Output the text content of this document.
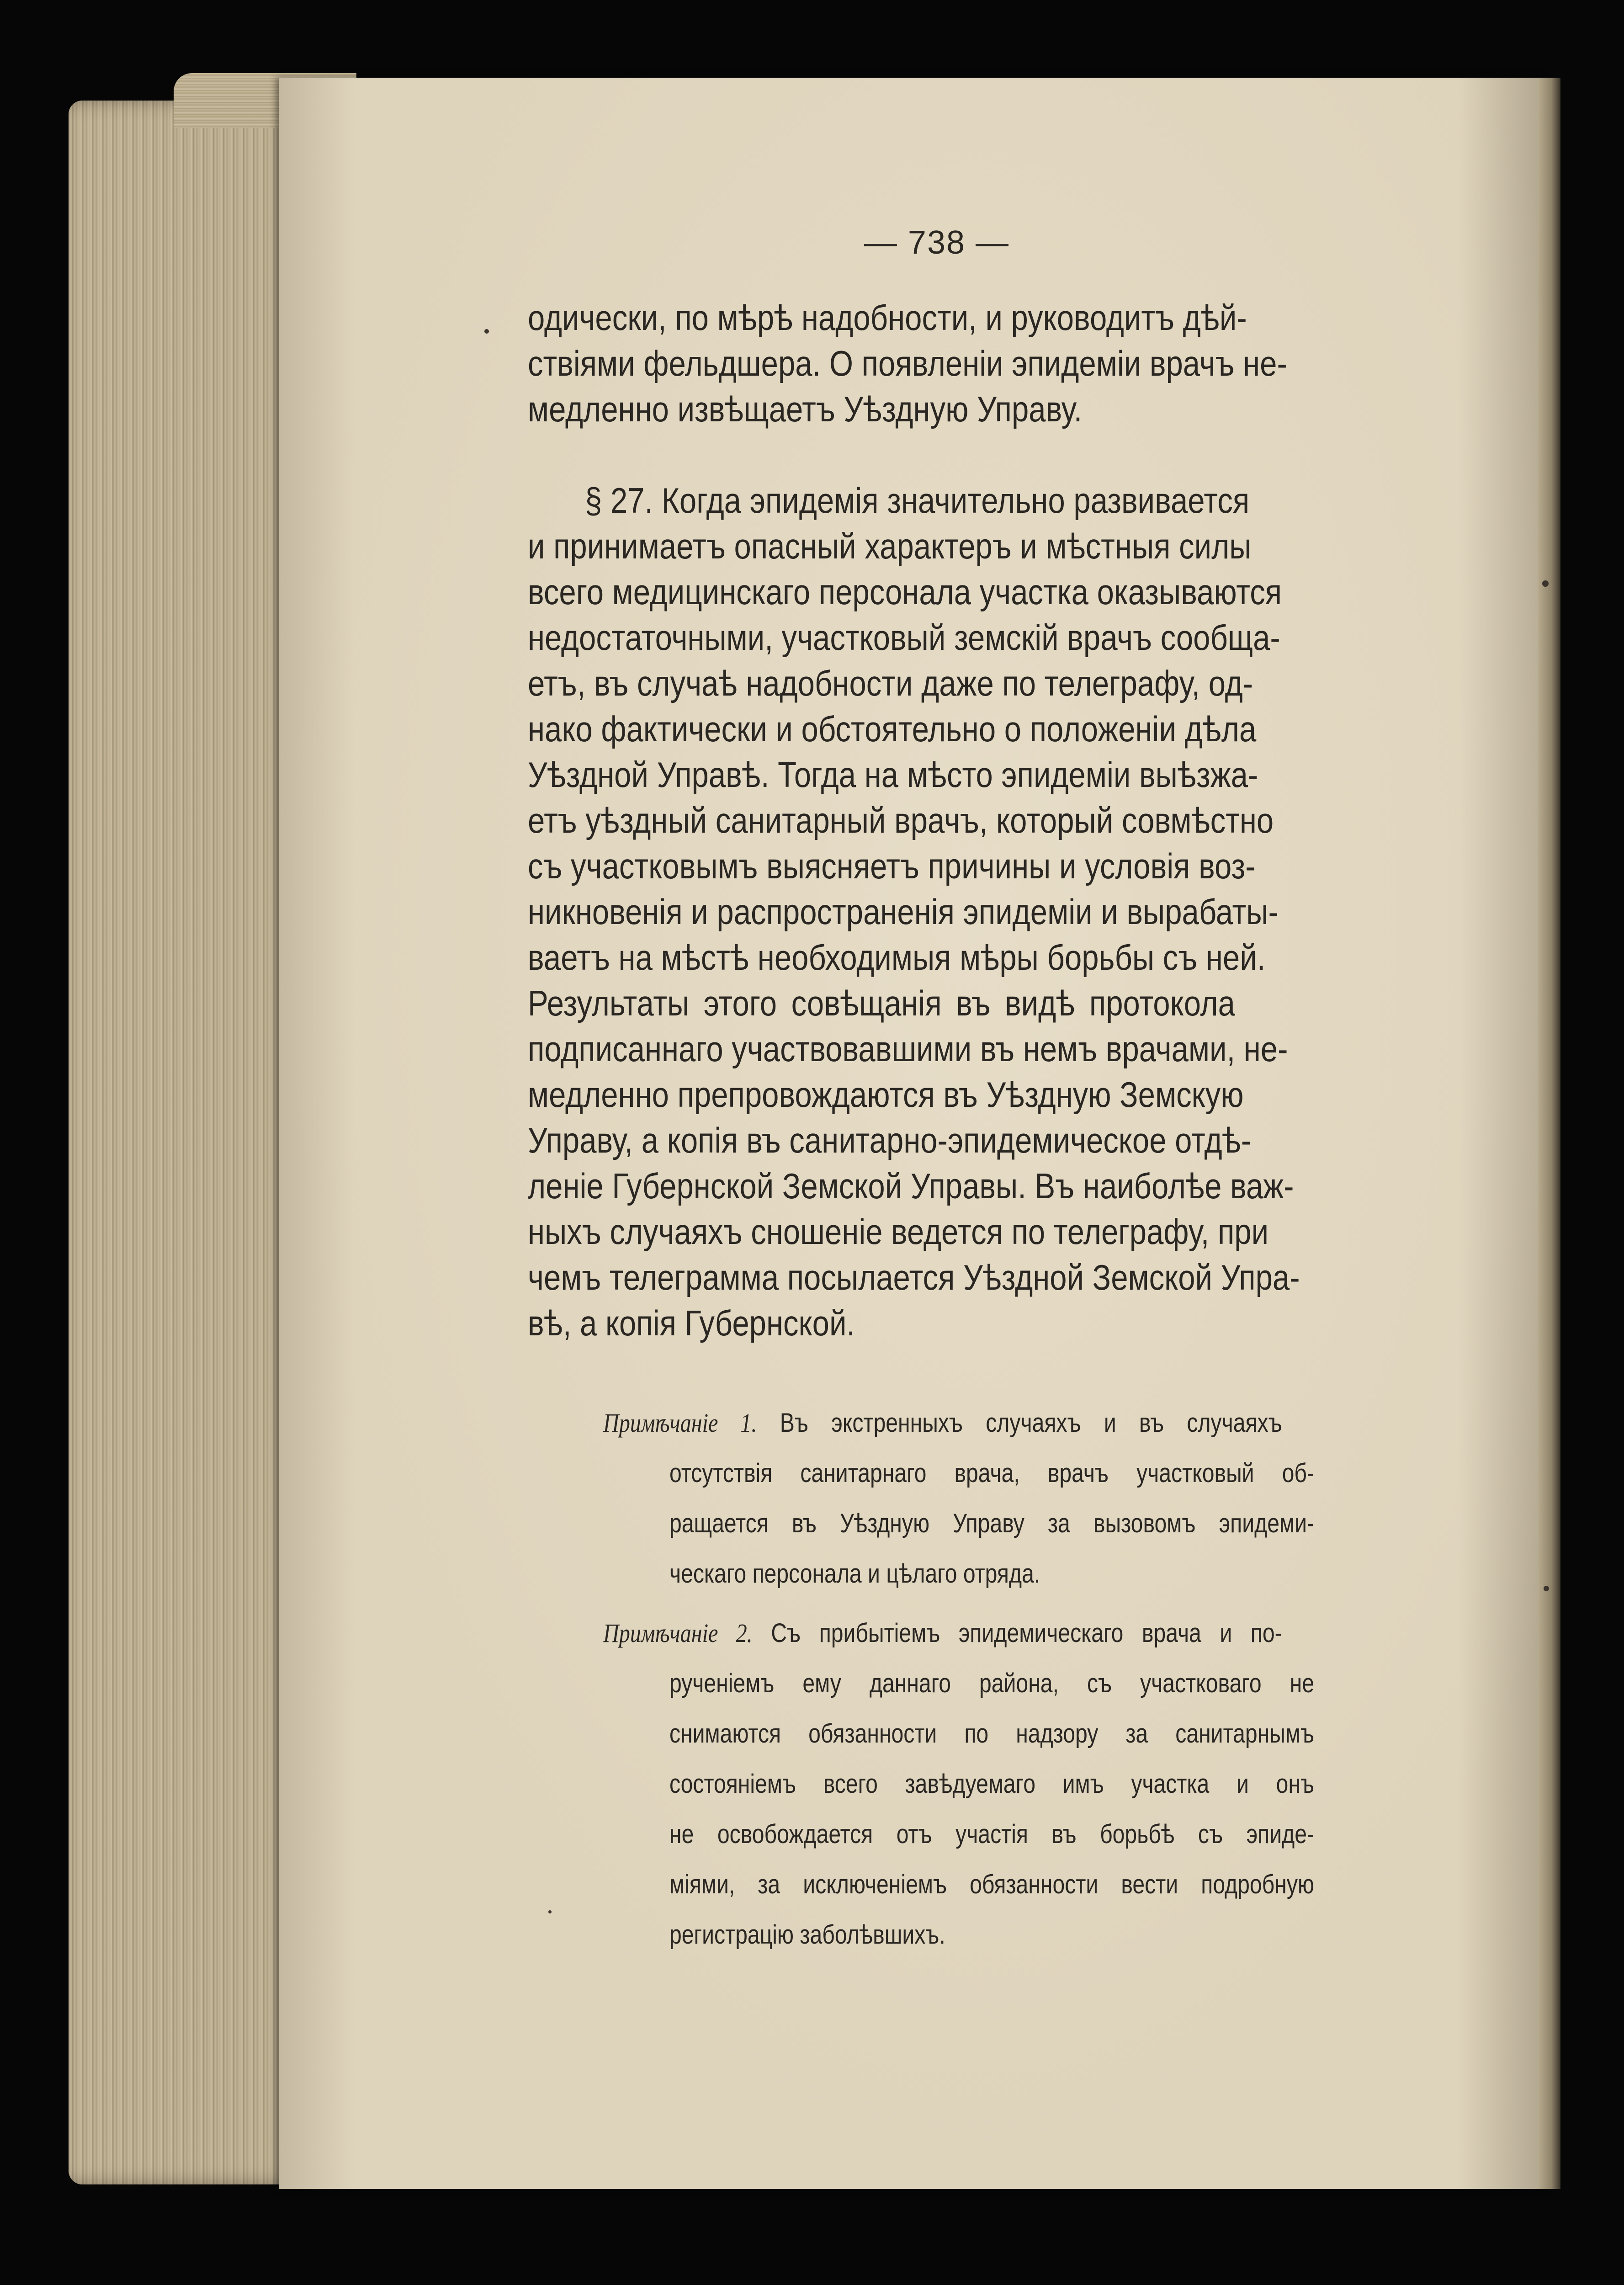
— 738 —
одически, по мѣрѣ надобности, и руководитъ дѣй-
ствіями фельдшера. О появленіи эпидеміи врачъ не-
медленно извѣщаетъ Уѣздную Управу.
§ 27. Когда эпидемія значительно развивается
и принимаетъ опасный характеръ и мѣстныя силы
всего медицинскаго персонала участка оказываются
недостаточными, участковый земскій врачъ сообща-
етъ, въ случаѣ надобности даже по телеграфу, од-
нако фактически и обстоятельно о положеніи дѣла
Уѣздной Управѣ. Тогда на мѣсто эпидеміи выѣзжа-
етъ уѣздный санитарный врачъ, который совмѣстно
съ участковымъ выясняетъ причины и условія воз-
никновенія и распространенія эпидеміи и вырабаты-
ваетъ на мѣстѣ необходимыя мѣры борьбы съ ней.
Результаты этого совѣщанія въ видѣ протокола
подписаннаго участвовавшими въ немъ врачами, не-
медленно препровождаются въ Уѣздную Земскую
Управу, а копія въ санитарно-эпидемическое отдѣ-
леніе Губернской Земской Управы. Въ наиболѣе важ-
ныхъ случаяхъ сношеніе ведется по телеграфу, при
чемъ телеграмма посылается Уѣздной Земской Упра-
вѣ, а копія Губернской.
Примѣчаніе 1. Въ экстренныхъ случаяхъ и въ случаяхъ
отсутствія санитарнаго врача, врачъ участковый об-
ращается въ Уѣздную Управу за вызовомъ эпидеми-
ческаго персонала и цѣлаго отряда.
Примѣчаніе 2. Съ прибытіемъ эпидемическаго врача и по-
рученіемъ ему даннаго района, съ участковаго не
снимаются обязанности по надзору за санитарнымъ
состояніемъ всего завѣдуемаго имъ участка и онъ
не освобождается отъ участія въ борьбѣ съ эпиде-
міями, за исключеніемъ обязанности вести подробную
регистрацію заболѣвшихъ.
